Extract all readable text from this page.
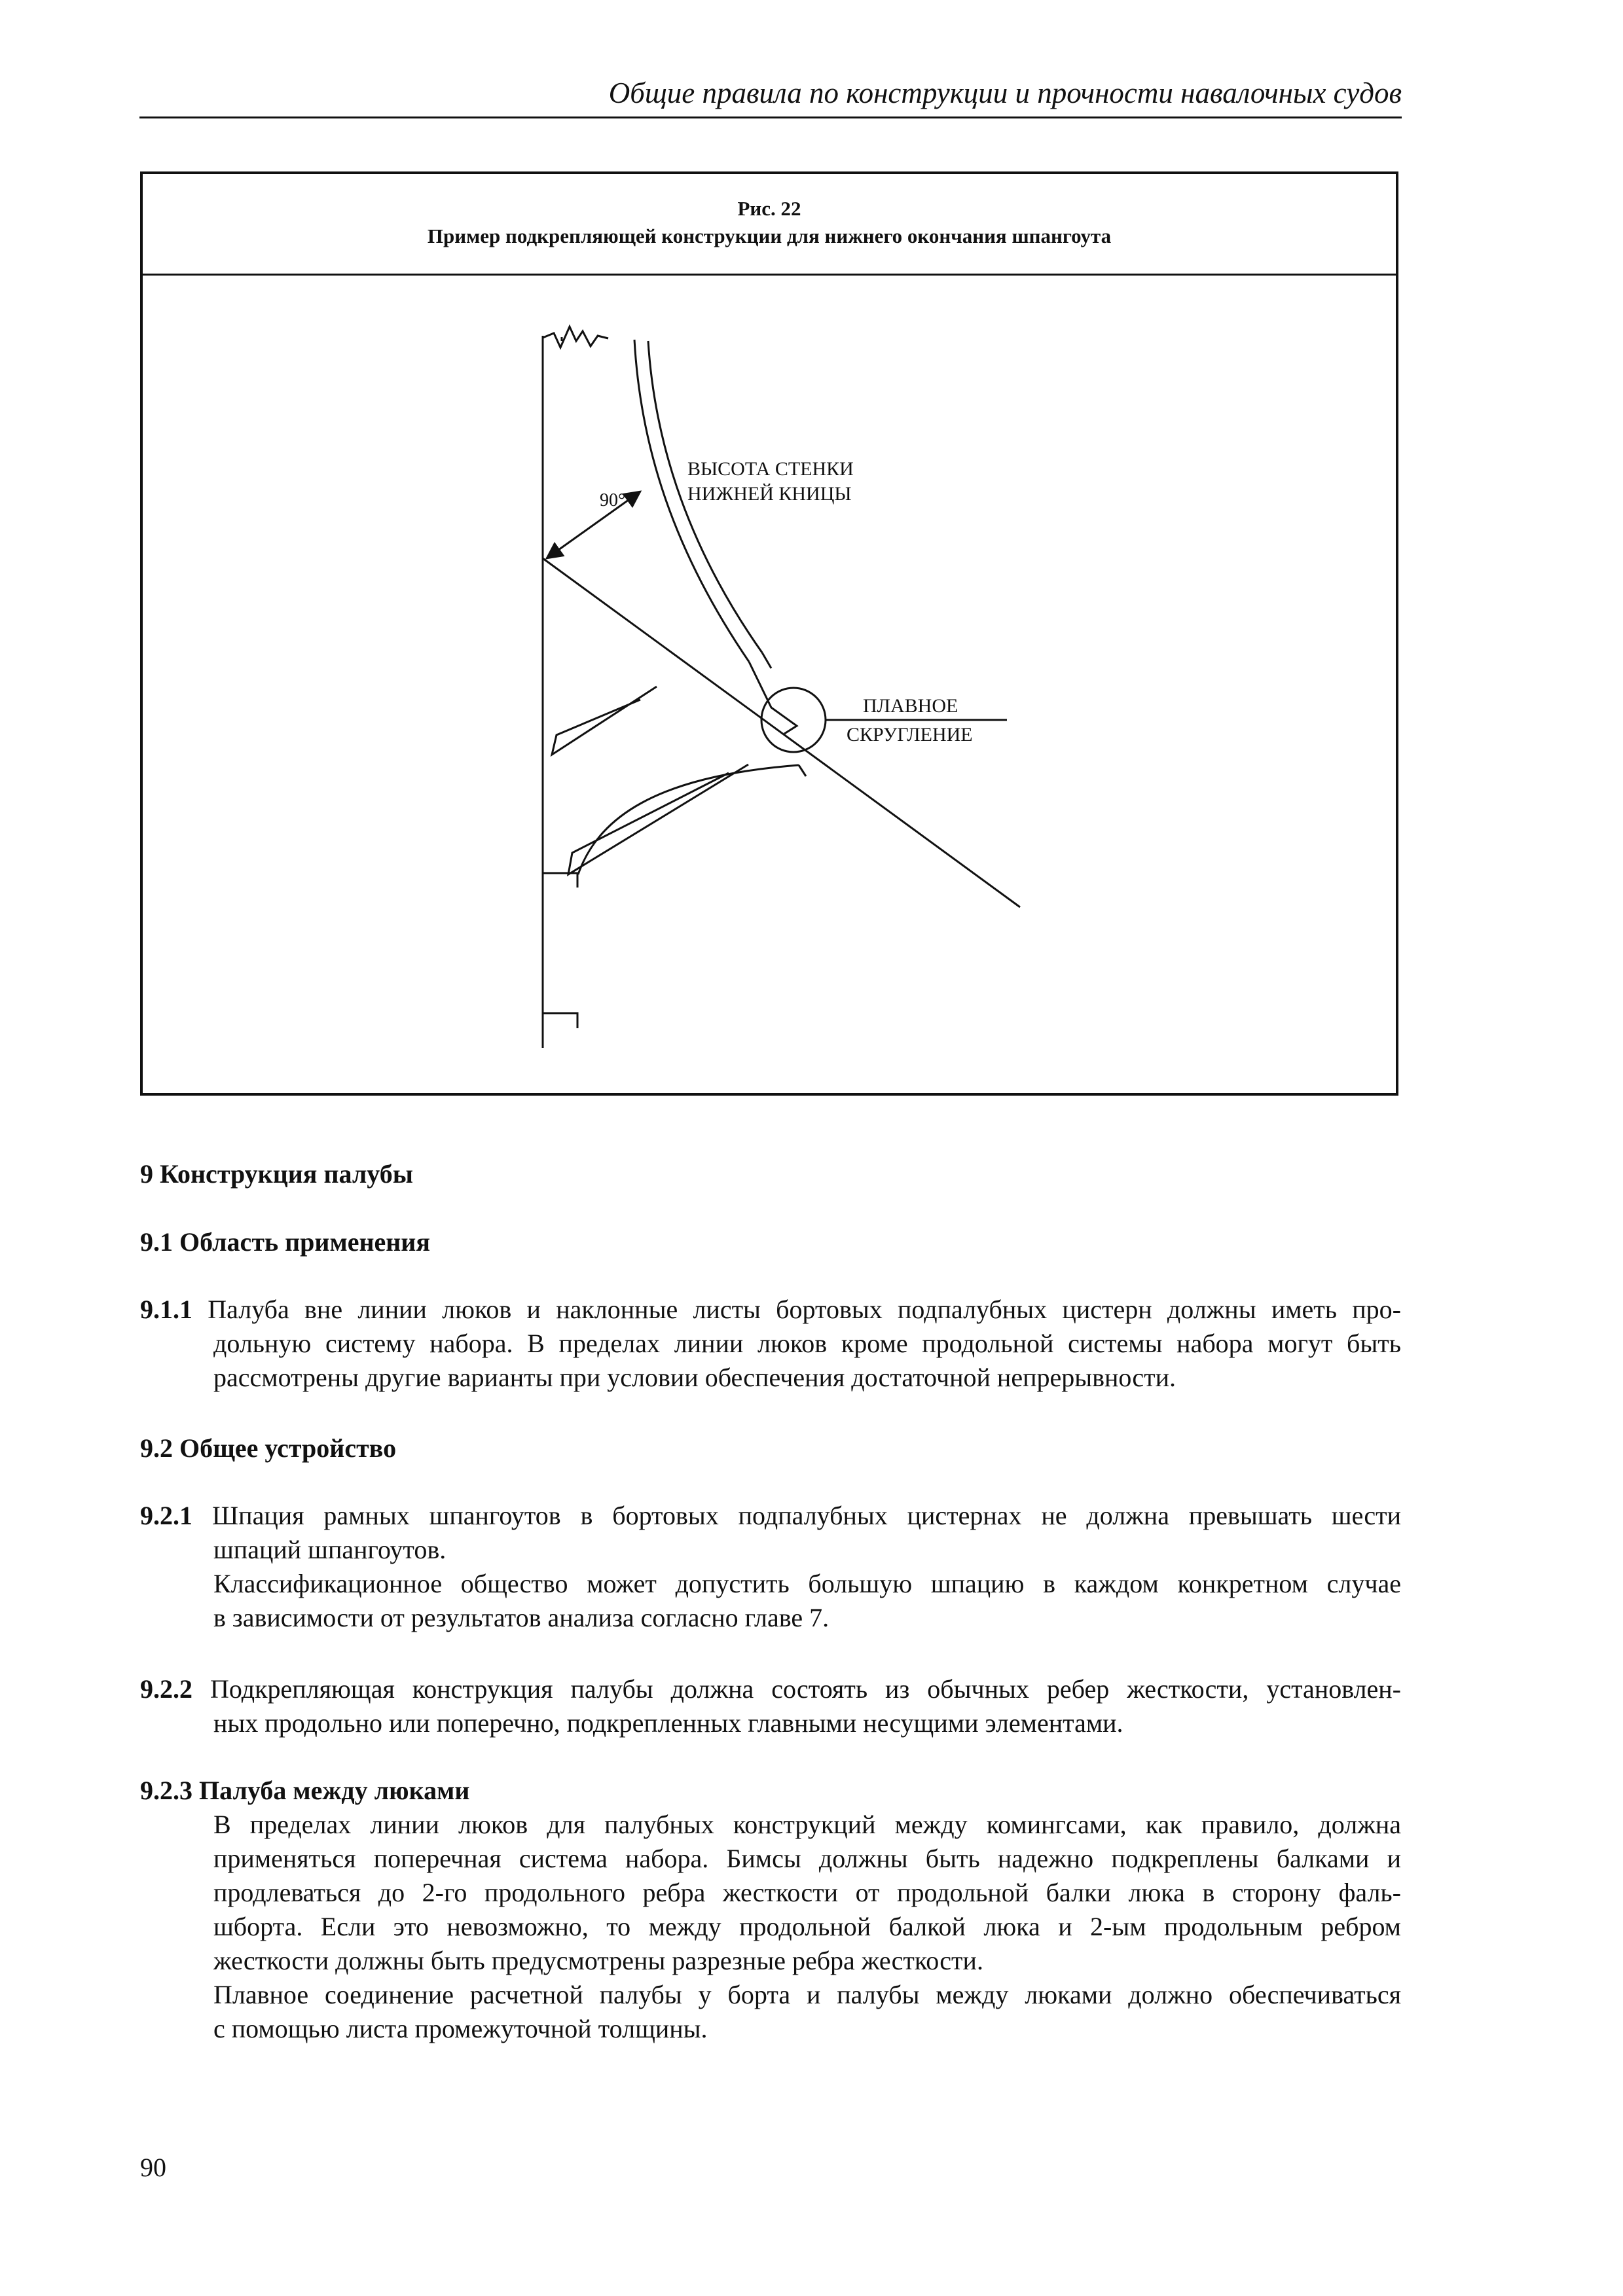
Общие правила по конструкции и прочности навалочных судов
Рис. 22
Пример подкрепляющей конструкции для нижнего окончания шпангоута
90°
ВЫСОТА СТЕНКИ
НИЖНЕЙ КНИЦЫ
ПЛАВНОЕ
СКРУГЛЕНИЕ
9 Конструкция палубы
9.1 Область применения
9.1.1 Палуба вне линии люков и наклонные листы бортовых подпалубных цистерн должны иметь про-
дольную систему набора. В пределах линии люков кроме продольной системы набора могут быть
рассмотрены другие варианты при условии обеспечения достаточной непрерывности.
9.2 Общее устройство
9.2.1 Шпация рамных шпангоутов в бортовых подпалубных цистернах не должна превышать шести
шпаций шпангоутов.
Классификационное общество может допустить большую шпацию в каждом конкретном случае
в зависимости от результатов анализа согласно главе 7.
9.2.2 Подкрепляющая конструкция палубы должна состоять из обычных ребер жесткости, установлен-
ных продольно или поперечно, подкрепленных главными несущими элементами.
9.2.3 Палуба между люками
В пределах линии люков для палубных конструкций между комингсами, как правило, должна
применяться поперечная система набора. Бимсы должны быть надежно подкреплены балками и
продлеваться до 2-го продольного ребра жесткости от продольной балки люка в сторону фаль-
шборта. Если это невозможно, то между продольной балкой люка и 2-ым продольным ребром
жесткости должны быть предусмотрены разрезные ребра жесткости.
Плавное соединение расчетной палубы у борта и палубы между люками должно обеспечиваться
с помощью листа промежуточной толщины.
90
